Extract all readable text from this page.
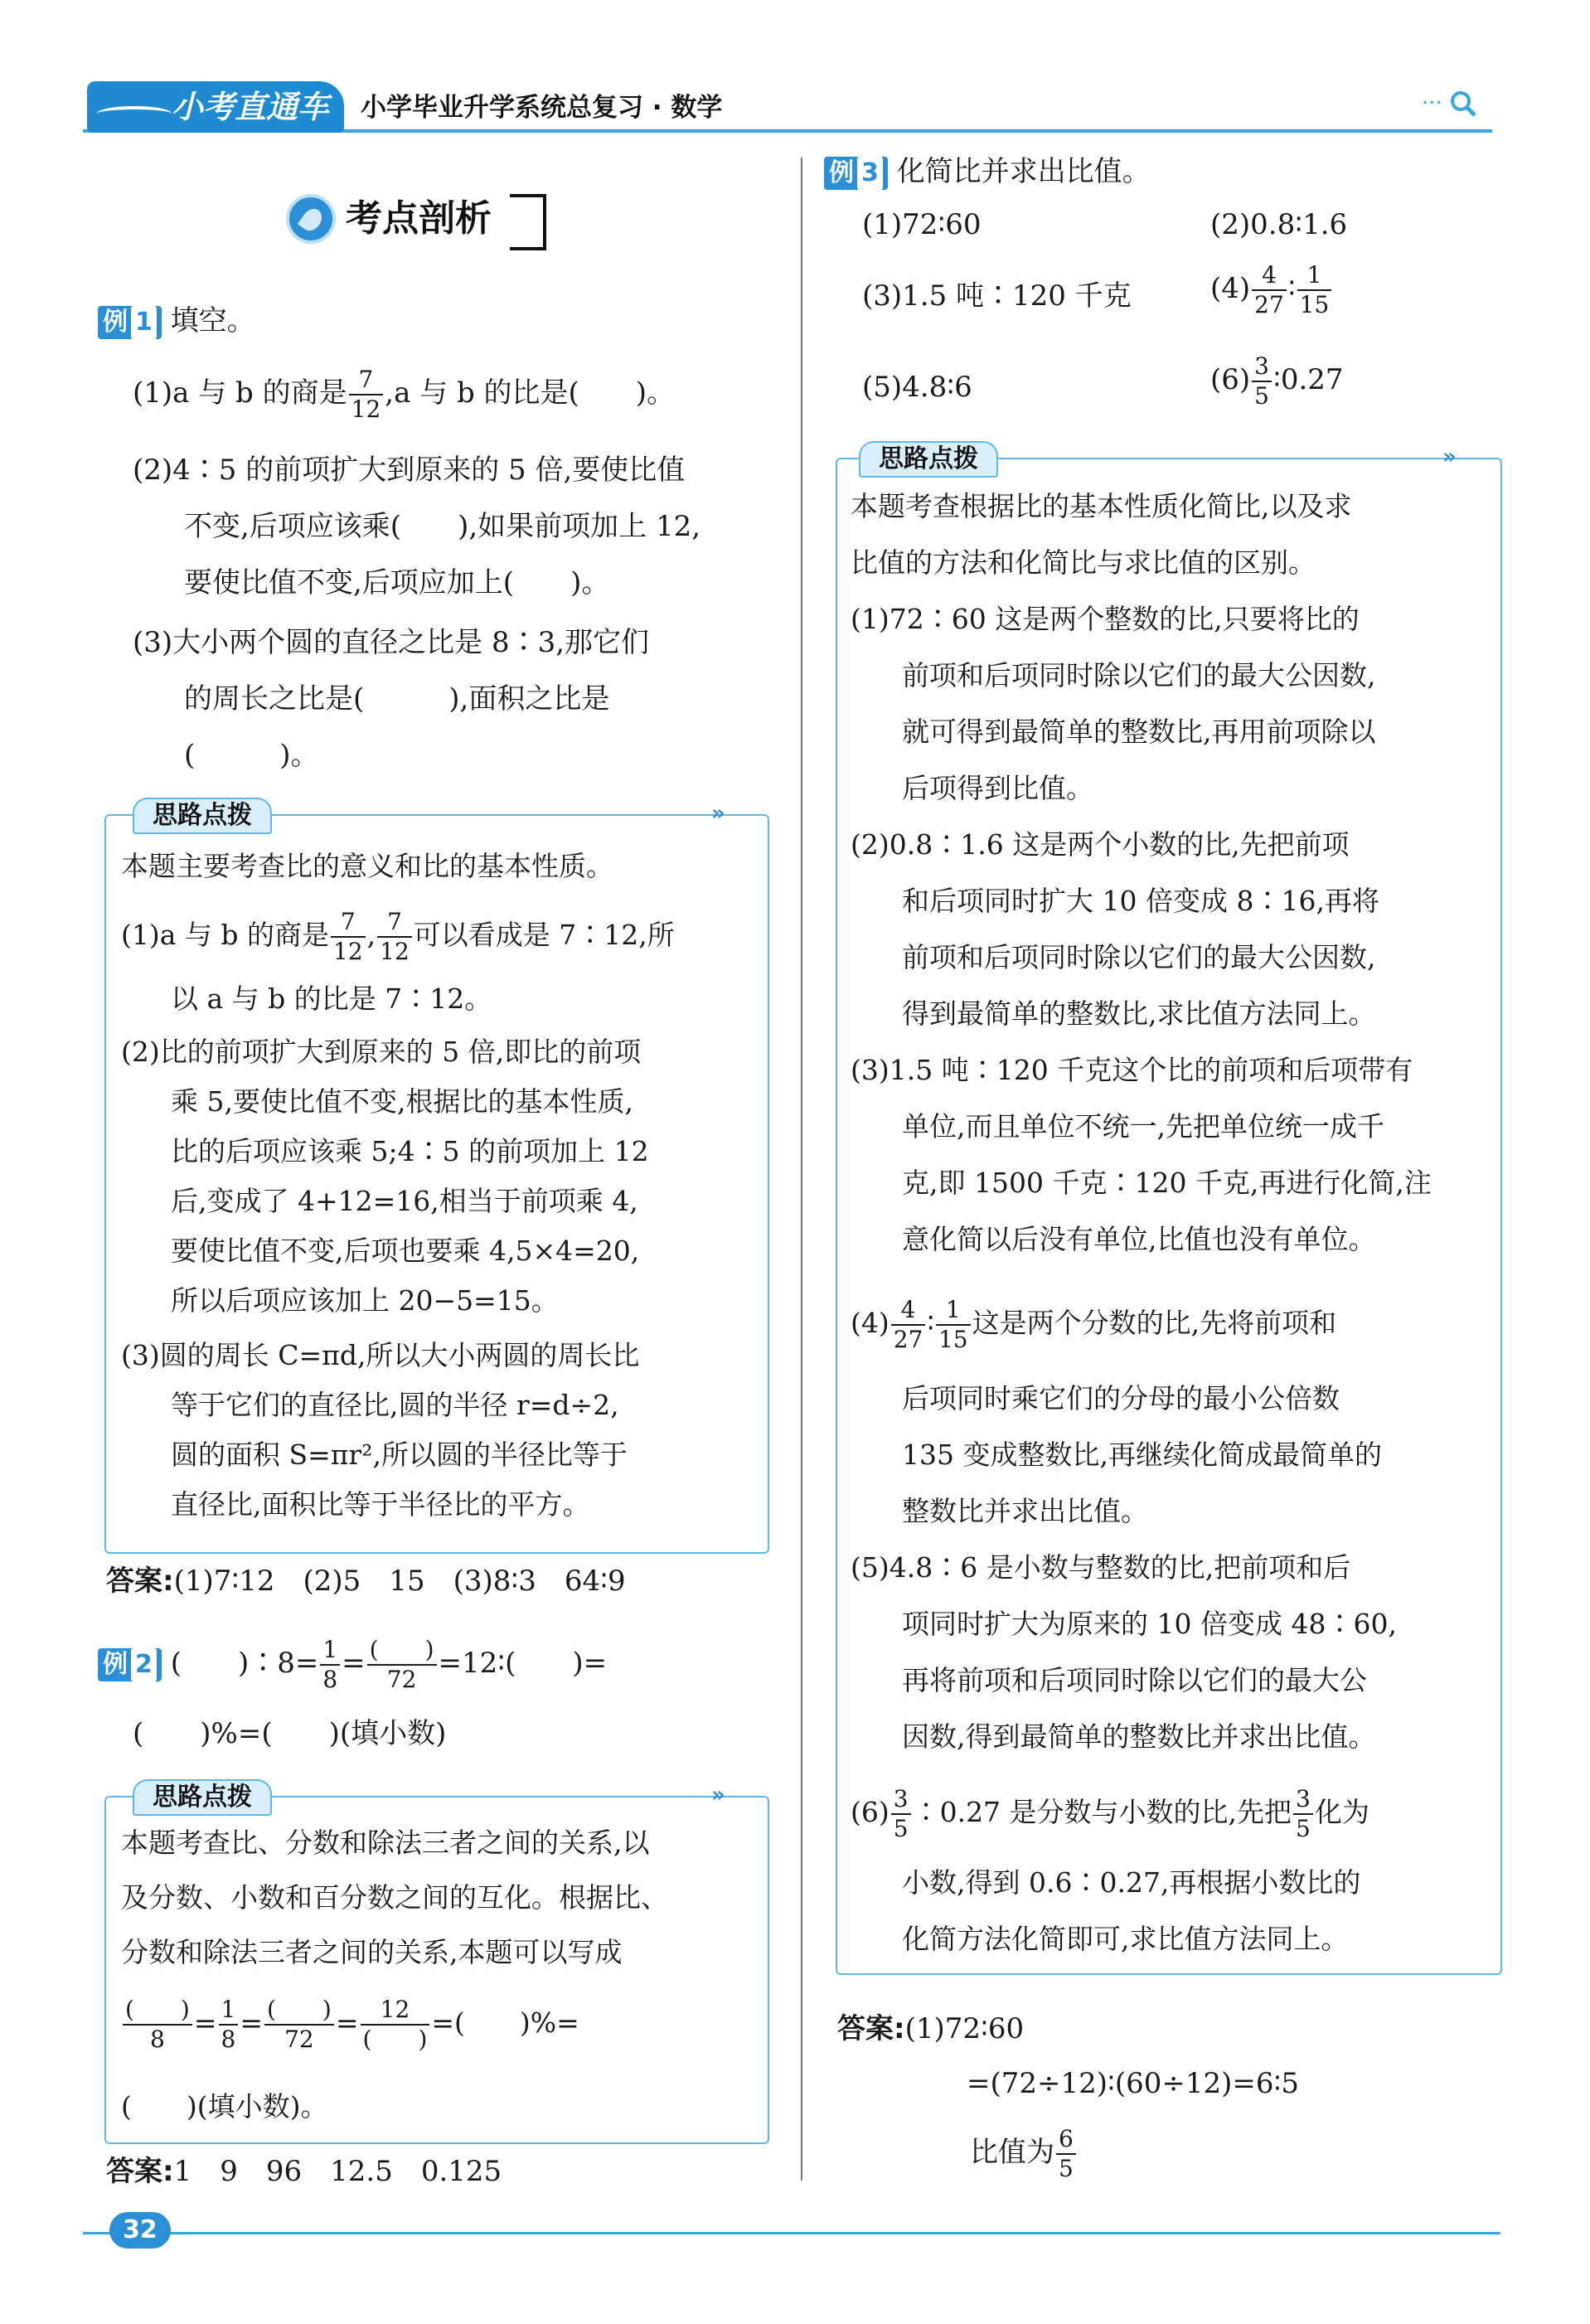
小考直通车	小学毕业升学系统总复习 · 数学	···
考点剖析
例 1 填空。
(1)a 与 b 的商是 $\frac{7}{12} ,a$ 与 b 的比是(　　)。
(2)4∶5 的前项扩大到原来的 5 倍,要使比值
不变,后项应该乘(　　),如果前项加上 12,
要使比值不变,后项应加上(　　)。
(3)大小两个圆的直径之比是 8∶3,那它们
的周长之比是(　　　),面积之比是
(　　　)。
思路点拨	»
本题主要考查比的意义和比的基本性质。
(1)a 与 b 的商是 $\frac{7}{12}$ , $\frac{7}{12}$ 可以看成是 7∶12,所
以 a 与 b 的比是 7∶12。
(2)比的前项扩大到原来的 5 倍,即比的前项
乘 5,要使比值不变,根据比的基本性质,
比的后项应该乘 5;4∶5 的前项加上 12
后,变成了 4+12=16,相当于前项乘 4,
要使比值不变,后项也要乘 4,5×4=20,
所以后项应该加上 20−5=15。
(3)圆的周长 C=πd,所以大小两圆的周长比
等于它们的直径比,圆的半径 r=d÷2,
圆的面积 S=πr²,所以圆的半径比等于
直径比,面积比等于半径比的平方。
答案:(1)7∶12　(2)5　15　(3)8∶3　64∶9
例 2 (　　)∶8= $\frac{1}{8} = \frac{( )}{72}$ =12∶(　　)=
(　　)%=(　　)(填小数)
思路点拨	»
本题考查比、分数和除法三者之间的关系,以
及分数、小数和百分数之间的互化。根据比、
分数和除法三者之间的关系,本题可以写成
$\frac{( )}{8} = \frac{1}{8} = \frac{( )}{72} = \frac{12}{( )}$ =(　　)%=
(　　)(填小数)。
答案:1　9　96　12.5　0.125
例 3 化简比并求出比值。
(1)72∶60	(2)0.8∶1.6
(3)1.5 吨∶120 千克	$(4) \frac{4}{27}$ ∶ $\frac{1}{15}$
(5)4.8∶6	$(6) \frac{3}{5}$ ∶0.27
思路点拨	»
本题考查根据比的基本性质化简比,以及求
比值的方法和化简比与求比值的区别。
(1)72∶60 这是两个整数的比,只要将比的
前项和后项同时除以它们的最大公因数,
就可得到最简单的整数比,再用前项除以
后项得到比值。
(2)0.8∶1.6 这是两个小数的比,先把前项
和后项同时扩大 10 倍变成 8∶16,再将
前项和后项同时除以它们的最大公因数,
得到最简单的整数比,求比值方法同上。
(3)1.5 吨∶120 千克这个比的前项和后项带有
单位,而且单位不统一,先把单位统一成千
克,即 1500 千克∶120 千克,再进行化简,注
意化简以后没有单位,比值也没有单位。
$(4) \frac{4}{27}$ ∶ $\frac{1}{15}$ 这是两个分数的比,先将前项和
后项同时乘它们的分母的最小公倍数
135 变成整数比,再继续化简成最简单的
整数比并求出比值。
(5)4.8∶6 是小数与整数的比,把前项和后
项同时扩大为原来的 10 倍变成 48∶60,
再将前项和后项同时除以它们的最大公
因数,得到最简单的整数比并求出比值。
$(6) \frac{3}{5}$ ∶0.27 是分数与小数的比,先把 $\frac{3}{5}$ 化为
小数,得到 0.6∶0.27,再根据小数比的
化简方法化简即可,求比值方法同上。
答案:(1)72∶60
=(72÷12)∶(60÷12)=6∶5
比值为 $\frac{6}{5}$
32
